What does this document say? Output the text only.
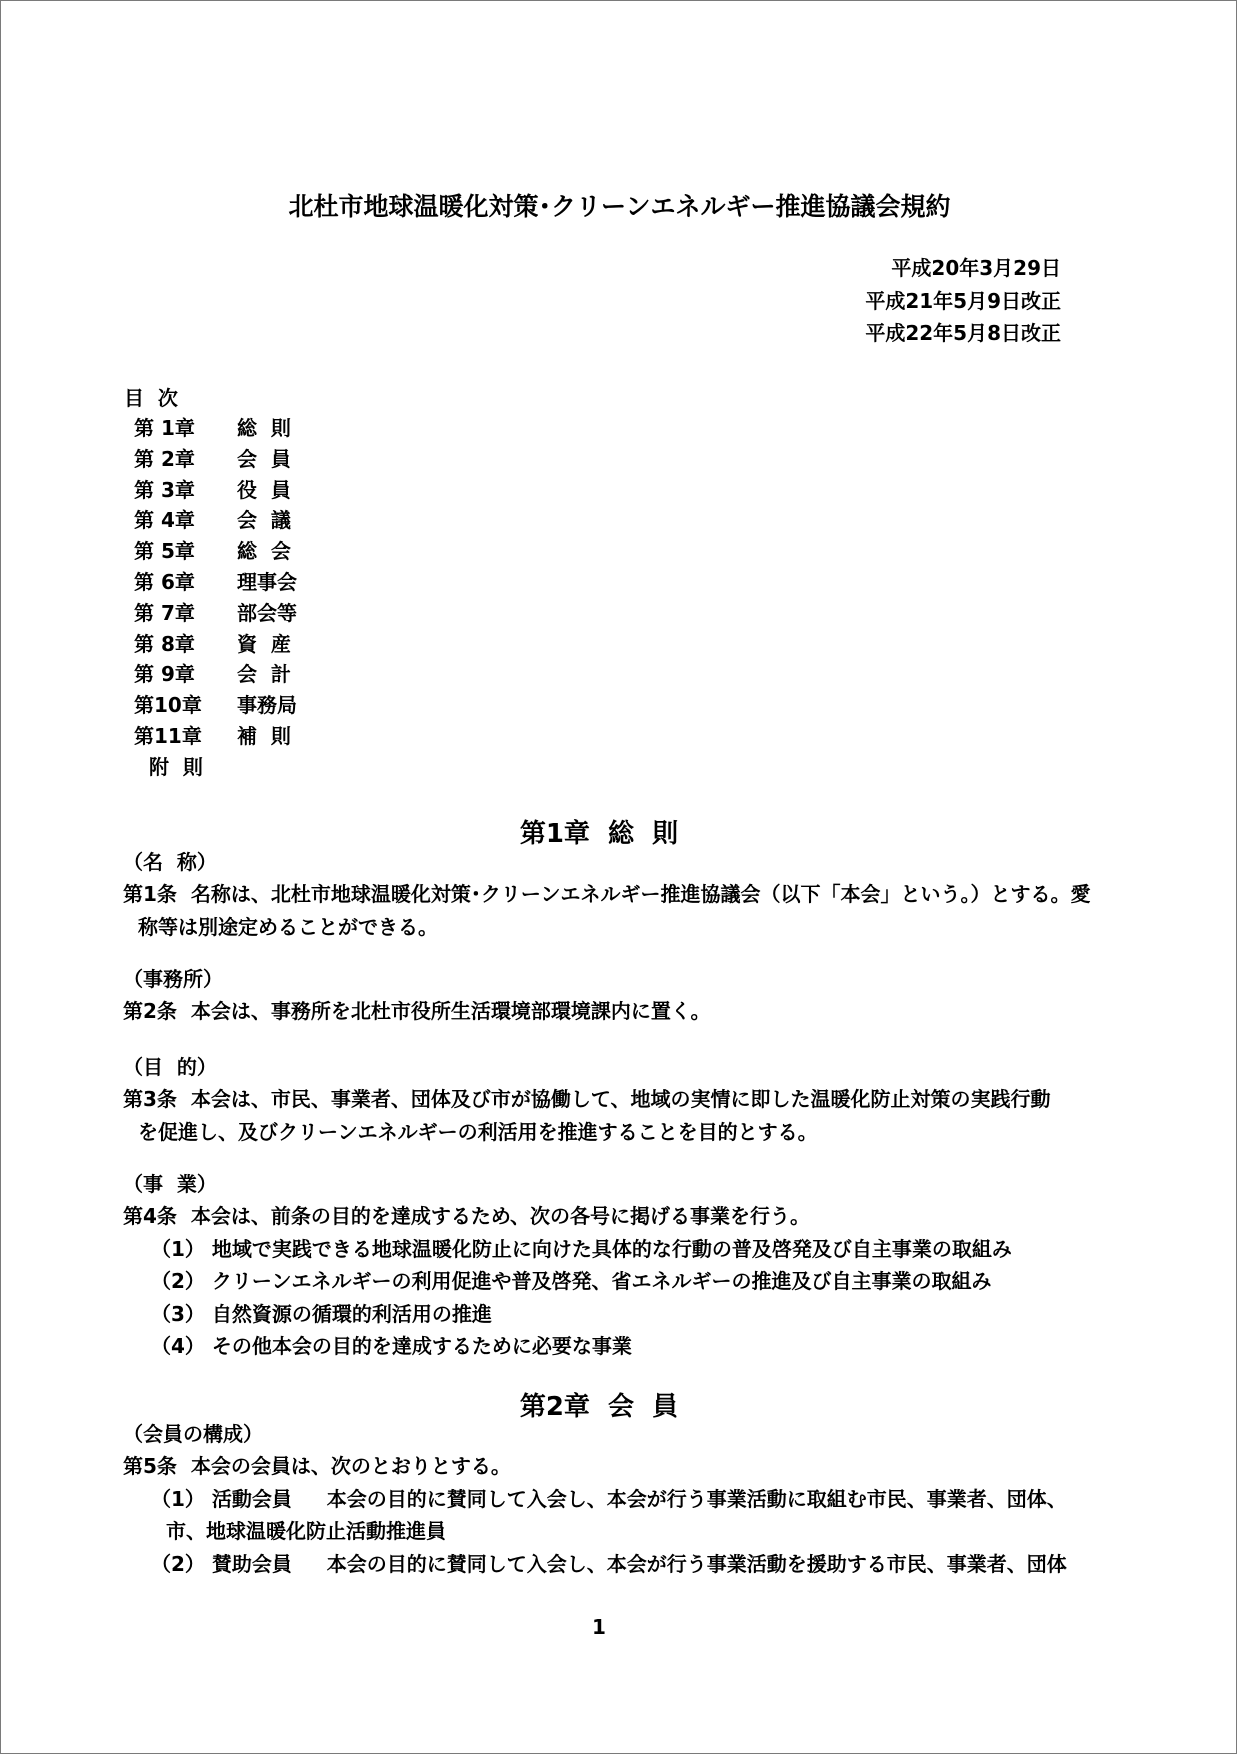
北杜市地球温暖化対策･クリーンエネルギー推進協議会規約
平成20年3月29日
平成21年5月9日改正
平成22年5月8日改正
目  次
第 1章	総  則
第 2章	会  員
第 3章	役  員
第 4章	会  議
第 5章	総  会
第 6章	理事会
第 7章	部会等
第 8章	資  産
第 9章	会  計
第10章	事務局
第11章	補  則
附  則
第1章  総  則
（名  称）
第1条  名称は、北杜市地球温暖化対策･クリーンエネルギー推進協議会（以下「本会」という。）とする。愛
称等は別途定めることができる。
（事務所）
第2条  本会は、事務所を北杜市役所生活環境部環境課内に置く。
（目  的）
第3条  本会は、市民、事業者、団体及び市が協働して、地域の実情に即した温暖化防止対策の実践行動
を促進し、及びクリーンエネルギーの利活用を推進することを目的とする。
（事  業）
第4条  本会は、前条の目的を達成するため、次の各号に掲げる事業を行う。
（1） 地域で実践できる地球温暖化防止に向けた具体的な行動の普及啓発及び自主事業の取組み
（2） クリーンエネルギーの利用促進や普及啓発、省エネルギーの推進及び自主事業の取組み
（3） 自然資源の循環的利活用の推進
（4） その他本会の目的を達成するために必要な事業
第2章  会  員
（会員の構成）
第5条  本会の会員は、次のとおりとする。
（1） 活動会員     本会の目的に賛同して入会し、本会が行う事業活動に取組む市民、事業者、団体、
市、地球温暖化防止活動推進員
（2） 賛助会員     本会の目的に賛同して入会し、本会が行う事業活動を援助する市民、事業者、団体
1
